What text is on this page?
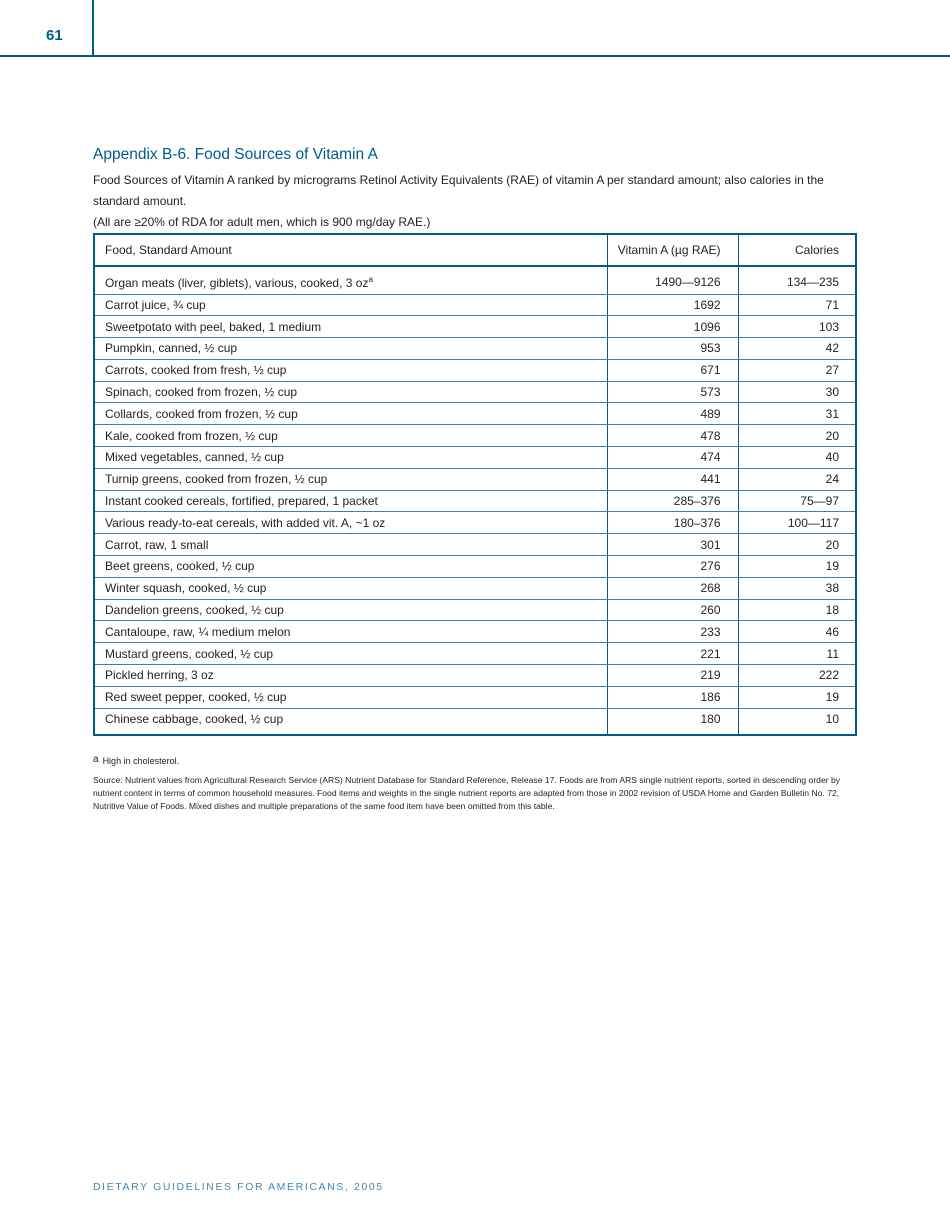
61
Appendix B-6. Food Sources of Vitamin A
Food Sources of Vitamin A ranked by micrograms Retinol Activity Equivalents (RAE) of vitamin A per standard amount; also calories in the standard amount.
(All are ≥20% of RDA for adult men, which is 900 mg/day RAE.)
Food, Standard Amount	Vitamin A (µg RAE)	Calories
Organ meats (liver, giblets), various, cooked, 3 $oz^a$	1490—9126	134—235
Carrot juice, ¾ cup	1692	71
Sweetpotato with peel, baked, 1 medium	1096	103
Pumpkin, canned, ½ cup	953	42
Carrots, cooked from fresh, ½ cup	671	27
Spinach, cooked from frozen, ½ cup	573	30
Collards, cooked from frozen, ½ cup	489	31
Kale, cooked from frozen, ½ cup	478	20
Mixed vegetables, canned, ½ cup	474	40
Turnip greens, cooked from frozen, ½ cup	441	24
Instant cooked cereals, fortified, prepared, 1 packet	285–376	75—97
Various ready-to-eat cereals, with added vit. A, ~1 oz	180–376	100—117
Carrot, raw, 1 small	301	20
Beet greens, cooked, ½ cup	276	19
Winter squash, cooked, ½ cup	268	38
Dandelion greens, cooked, ½ cup	260	18
Cantaloupe, raw, ¼ medium melon	233	46
Mustard greens, cooked, ½ cup	221	11
Pickled herring, 3 oz	219	222
Red sweet pepper, cooked, ½ cup	186	19
Chinese cabbage, cooked, ½ cup	180	10
$^a$ High in cholesterol.
Source: Nutrient values from Agricultural Research Service (ARS) Nutrient Database for Standard Reference, Release 17. Foods are from ARS single nutrient reports, sorted in descending order by nutrient content in terms of common household measures. Food items and weights in the single nutrient reports are adapted from those in 2002 revision of USDA Home and Garden Bulletin No. 72, Nutritive Value of Foods. Mixed dishes and multiple preparations of the same food item have been omitted from this table.
DIETARY GUIDELINES FOR AMERICANS, 2005
